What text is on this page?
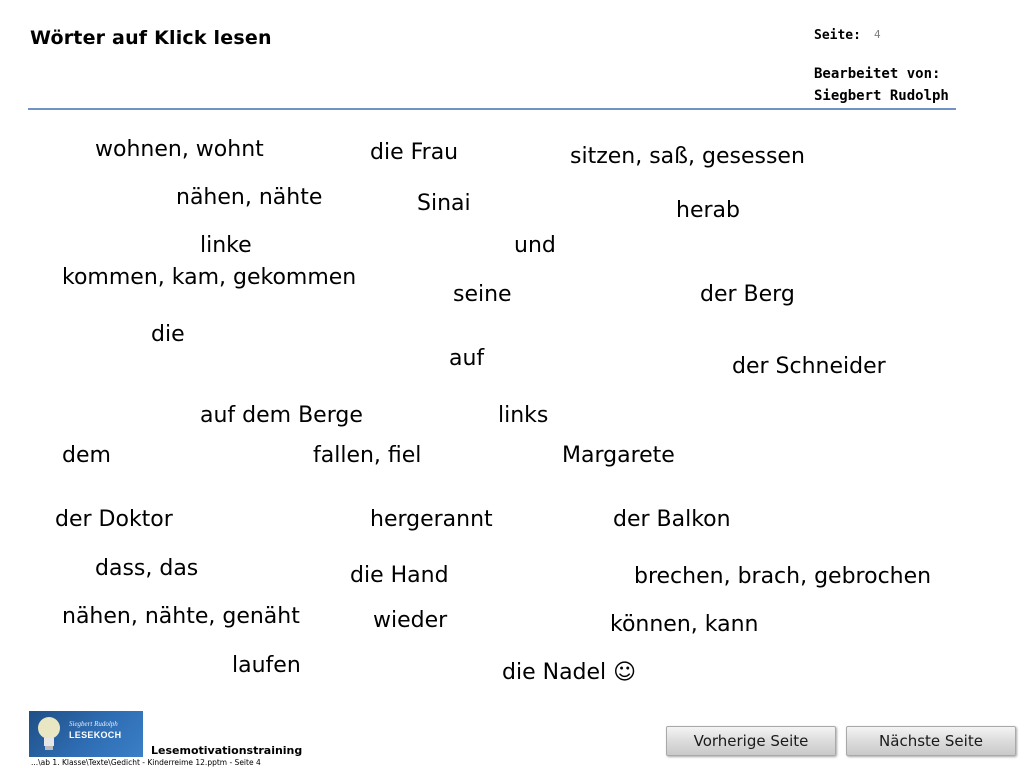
Wörter auf Klick lesen	Seite: 4
Bearbeitet von:
Siegbert Rudolph
wohnen, wohnt	die Frau	sitzen, saß, gesessen
nähen, nähte	Sinai	herab
linke	und
kommen, kam, gekommen
seine	der Berg
die
auf	der Schneider
auf dem Berge	links
dem	fallen, fiel	Margarete
der Doktor	hergerannt	der Balkon
dass, das	die Hand	brechen, brach, gebrochen
nähen, nähte, genäht	wieder	können, kann
laufen	die Nadel ☺
Siegbert Rudolph
LESEKOCH
Lesemotivationstraining
...\ab 1. Klasse\Texte\Gedicht - Kinderreime 12.pptm - Seite 4
Vorherige Seite	Nächste Seite
